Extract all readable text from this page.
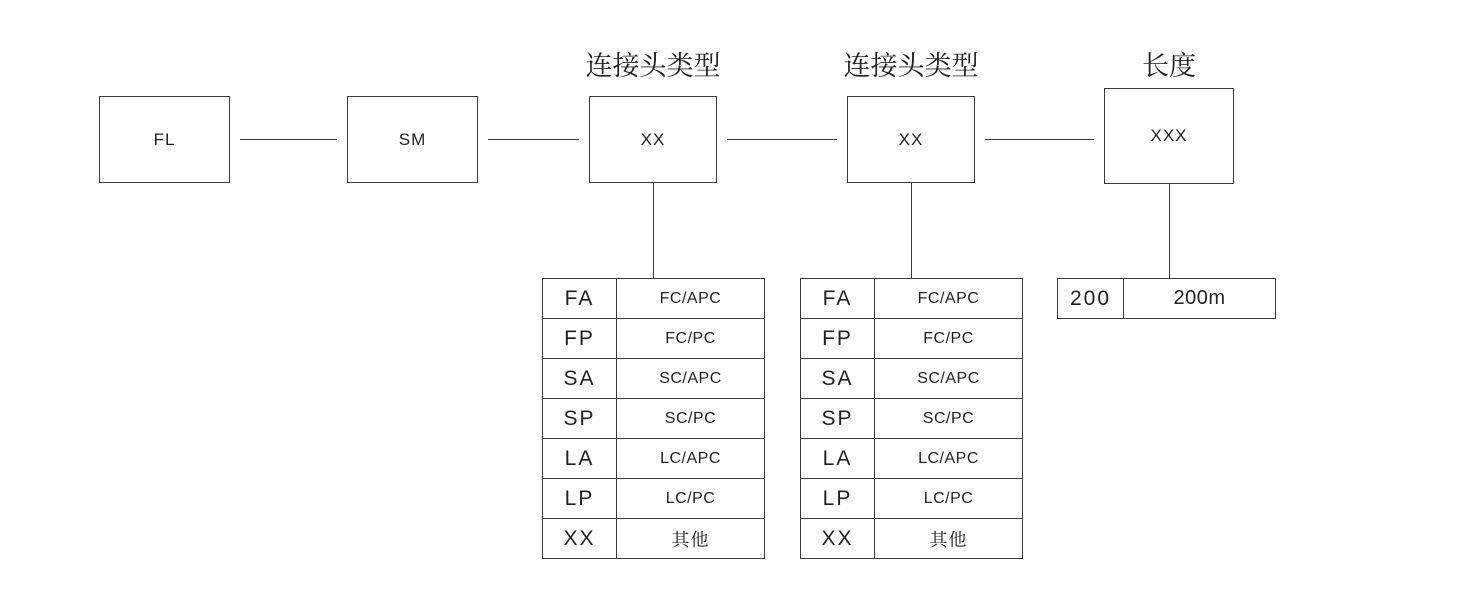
连接头类型	连接头类型	长度
FL	SM	XX	XX	XXX
FA	FC/APC
FP	FC/PC
SA	SC/APC
SP	SC/PC
LA	LC/APC
LP	LC/PC
XX	其他
FA	FC/APC
FP	FC/PC
SA	SC/APC
SP	SC/PC
LA	LC/APC
LP	LC/PC
XX	其他
200	200m
